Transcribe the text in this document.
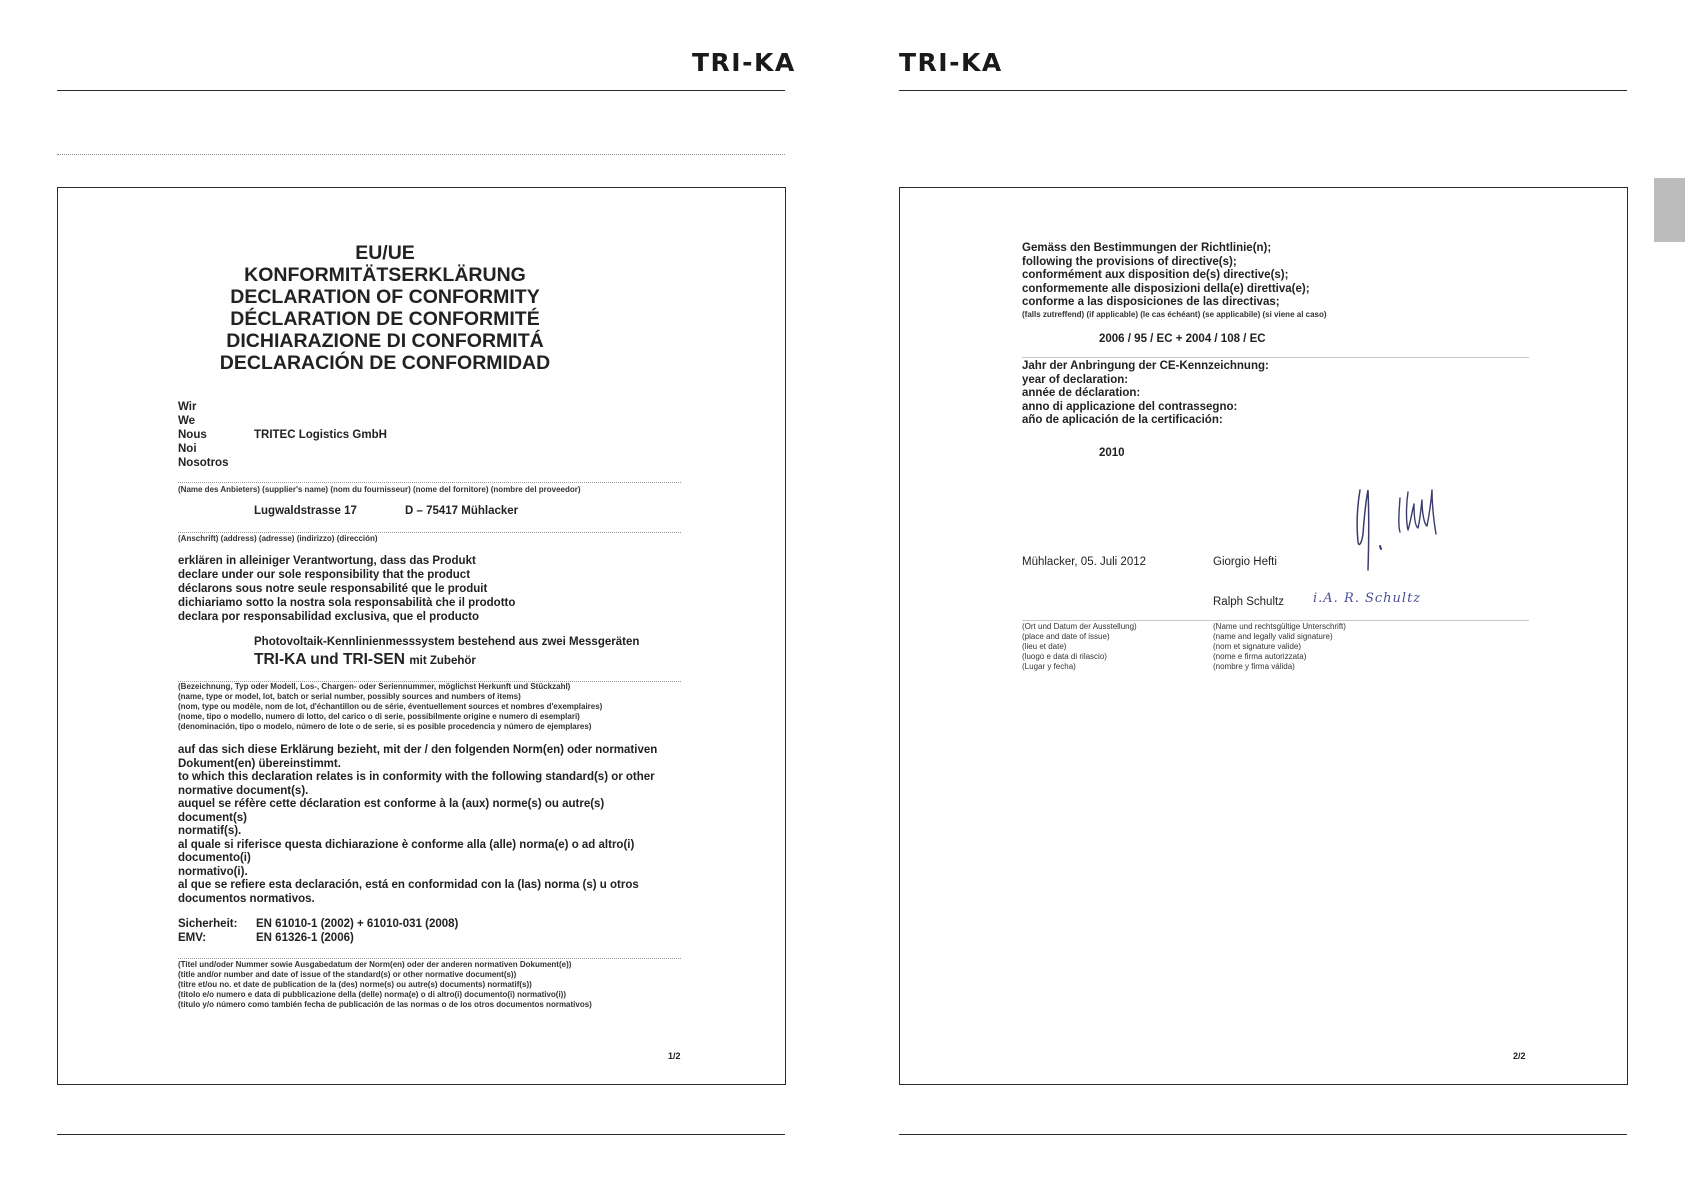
TRI-KA	TRI-KA
EU/UE
KONFORMITÄTSERKLÄRUNG
DECLARATION OF CONFORMITY
DÉCLARATION DE CONFORMITÉ
DICHIARAZIONE DI CONFORMITÁ
DECLARACIÓN DE CONFORMIDAD
Wir
We
Nous
Noi
Nosotros
TRITEC Logistics GmbH
(Name des Anbieters) (supplier's name) (nom du fournisseur) (nome del fornitore) (nombre del proveedor)
Lugwaldstrasse 17	D – 75417 Mühlacker
(Anschrift) (address) (adresse) (indirizzo) (dirección)
erklären in alleiniger Verantwortung, dass das Produkt
declare under our sole responsibility that the product
déclarons sous notre seule responsabilité que le produit
dichiariamo sotto la nostra sola responsabilità che il prodotto
declara por responsabilidad exclusiva, que el producto
Photovoltaik-Kennlinienmesssystem bestehend aus zwei Messgeräten
TRI-KA und TRI-SEN mit Zubehör
(Bezeichnung, Typ oder Modell, Los-, Chargen- oder Seriennummer, möglichst Herkunft und Stückzahl)
(name, type or model, lot, batch or serial number, possibly sources and numbers of items)
(nom, type ou modèle, nom de lot, d'échantillon ou de série, éventuellement sources et nombres d'exemplaires)
(nome, tipo o modello, numero di lotto, del carico o di serie, possibilmente origine e numero di esemplari)
(denominación, tipo o modelo, número de lote o de serie, si es posible procedencia y número de ejemplares)
auf das sich diese Erklärung bezieht, mit der / den folgenden Norm(en) oder normativen
Dokument(en) übereinstimmt.
to which this declaration relates is in conformity with the following standard(s) or other
normative document(s).
auquel se réfère cette déclaration est conforme à la (aux) norme(s) ou autre(s)
document(s)
normatif(s).
al quale si riferisce questa dichiarazione è conforme alla (alle) norma(e) o ad altro(i)
documento(i)
normativo(i).
al que se refiere esta declaración, está en conformidad con la (las) norma (s) u otros
documentos normativos.
Sicherheit: EN 61010-1 (2002) + 61010-031 (2008)
EMV:	EN 61326-1 (2006)
(Titel und/oder Nummer sowie Ausgabedatum der Norm(en) oder der anderen normativen Dokument(e))
(title and/or number and date of issue of the standard(s) or other normative document(s))
(titre et/ou no. et date de publication de la (des) norme(s) ou autre(s) documents) normatif(s))
(titolo e/o numero e data di pubblicazione della (delle) norma(e) o di altro(i) documento(i) normativo(i))
(titulo y/o número como también fecha de publicación de las normas o de los otros documentos normativos)
1/2
Gemäss den Bestimmungen der Richtlinie(n);
following the provisions of directive(s);
conformément aux disposition de(s) directive(s);
conformemente alle disposizioni della(e) direttiva(e);
conforme a las disposiciones de las directivas;
(falls zutreffend) (if applicable) (le cas échéant) (se applicabile) (si viene al caso)
2006 / 95 / EC + 2004 / 108 / EC
Jahr der Anbringung der CE-Kennzeichnung:
year of declaration:
année de déclaration:
anno di applicazione del contrassegno:
año de aplicación de la certificación:
2010
Mühlacker, 05. Juli 2012	Giorgio Hefti
Ralph Schultz i.A. R. Schultz
(Ort und Datum der Ausstellung)
(place and date of issue)
(lieu et date)
(luogo e data di rilascio)
(Lugar y fecha)
(Name und rechtsgültige Unterschrift)
(name and legally valid signature)
(nom et signature valide)
(nome e firma autorizzata)
(nombre y firma válida)
2/2
